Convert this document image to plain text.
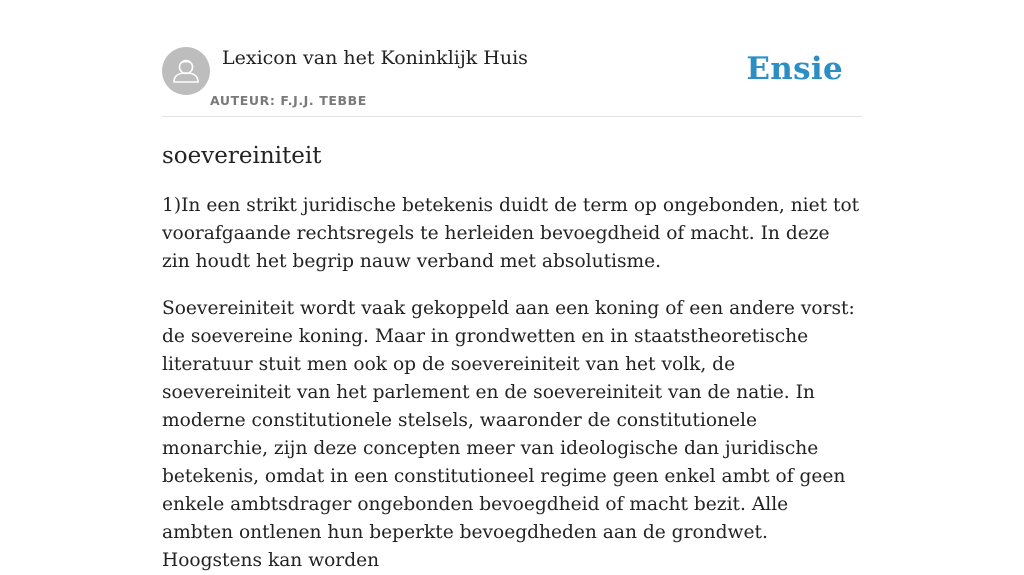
Lexicon van het Koninklijk Huis
AUTEUR: F.J.J. TEBBE
Ensie
soevereiniteit

1)In een strikt juridische betekenis duidt de term op ongebonden, niet tot voorafgaande rechtsregels te herleiden bevoegdheid of macht. In deze zin houdt het begrip nauw verband met absolutisme.

Soevereiniteit wordt vaak gekoppeld aan een koning of een andere vorst: de soevereine koning. Maar in grondwetten en in staatstheoretische literatuur stuit men ook op de soevereiniteit van het volk, de soevereiniteit van het parlement en de soevereiniteit van de natie. In moderne constitutionele stelsels, waaronder de constitutionele monarchie, zijn deze concepten meer van ideologische dan juridische betekenis, omdat in een constitutioneel regime geen enkel ambt of geen enkele ambtsdrager ongebonden bevoegdheid of macht bezit. Alle ambten ontlenen hun beperkte bevoegdheden aan de grondwet. Hoogstens kan worden
